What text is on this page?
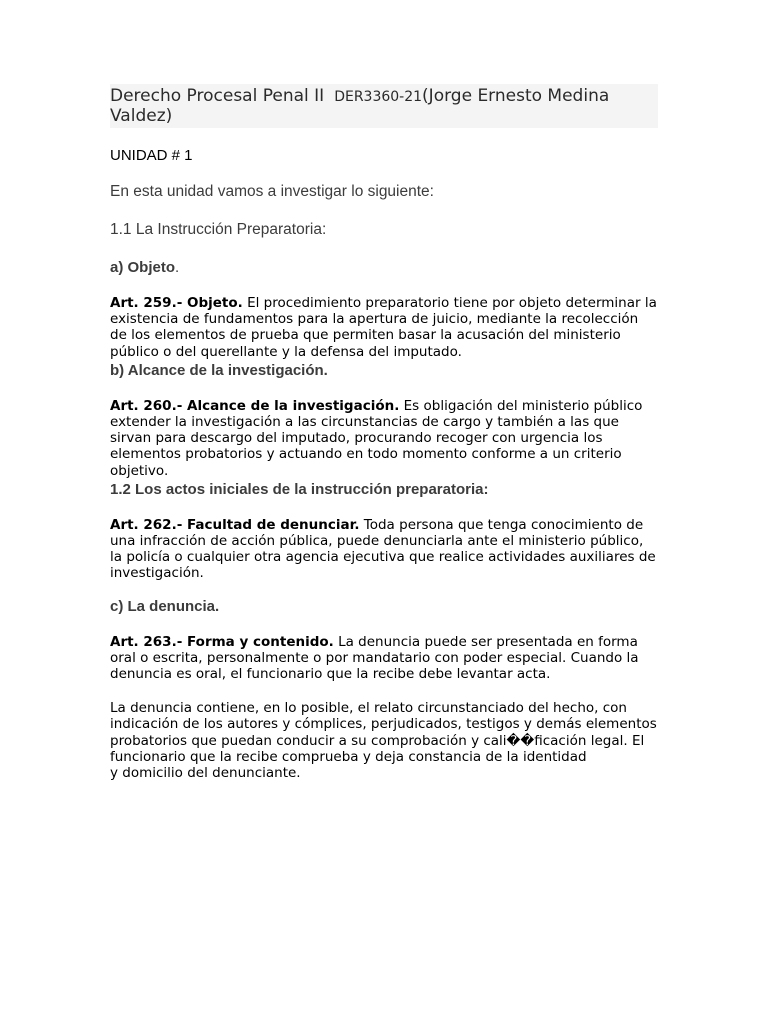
Derecho Procesal Penal II DER3360-21(Jorge Ernesto Medina Valdez)

UNIDAD # 1

En esta unidad vamos a investigar lo siguiente:

1.1 La Instrucción Preparatoria:

a) Objeto.

Art. 259.- Objeto. El procedimiento preparatorio tiene por objeto determinar la existencia de fundamentos para la apertura de juicio, mediante la recolección de los elementos de prueba que permiten basar la acusación del ministerio público o del querellante y la defensa del imputado.

b) Alcance de la investigación.

Art. 260.- Alcance de la investigación. Es obligación del ministerio público extender la investigación a las circunstancias de cargo y también a las que sirvan para descargo del imputado, procurando recoger con urgencia los elementos probatorios y actuando en todo momento conforme a un criterio objetivo.

1.2 Los actos iniciales de la instrucción preparatoria:

Art. 262.- Facultad de denunciar. Toda persona que tenga conocimiento de una infracción de acción pública, puede denunciarla ante el ministerio público, la policía o cualquier otra agencia ejecutiva que realice actividades auxiliares de investigación.

c) La denuncia.

Art. 263.- Forma y contenido. La denuncia puede ser presentada en forma oral o escrita, personalmente o por mandatario con poder especial. Cuando la denuncia es oral, el funcionario que la recibe debe levantar acta.

La denuncia contiene, en lo posible, el relato circunstanciado del hecho, con indicación de los autores y cómplices, perjudicados, testigos y demás elementos probatorios que puedan conducir a su comprobación y cali��ficación legal. El funcionario que la recibe comprueba y deja constancia de la identidad
y domicilio del denunciante.
